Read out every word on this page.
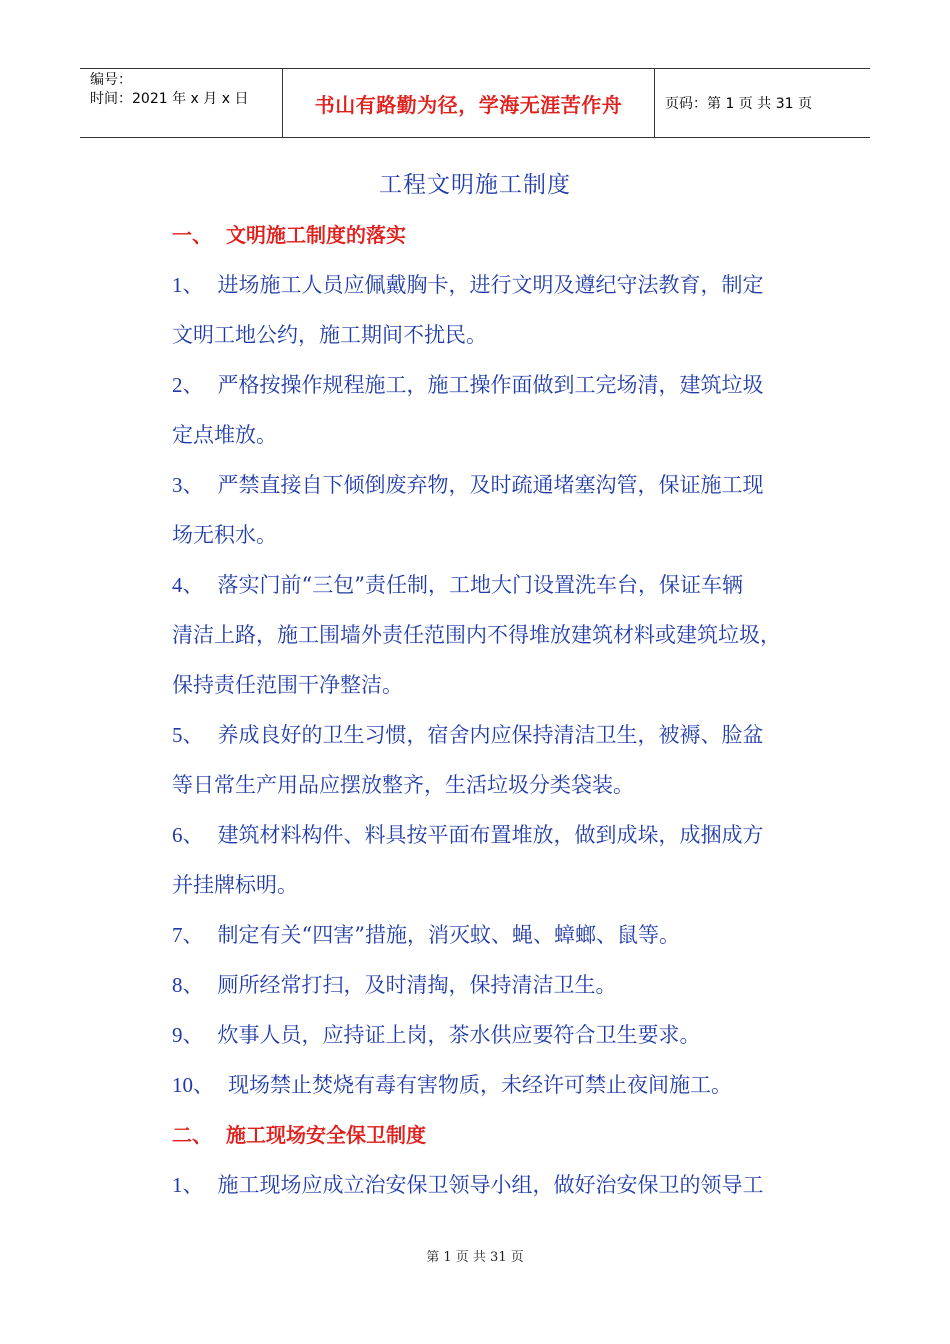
编号：
时间：2021 年 x 月 x 日	书山有路勤为径，学海无涯苦作舟	页码：第 1 页 共 31 页
工程文明施工制度
一、 文明施工制度的落实
1、 进场施工人员应佩戴胸卡，进行文明及遵纪守法教育，制定
文明工地公约，施工期间不扰民。
2、 严格按操作规程施工，施工操作面做到工完场清，建筑垃圾
定点堆放。
3、 严禁直接自下倾倒废弃物，及时疏通堵塞沟管，保证施工现
场无积水。
4、 落实门前“三包”责任制，工地大门设置洗车台，保证车辆
清洁上路，施工围墙外责任范围内不得堆放建筑材料或建筑垃圾，
保持责任范围干净整洁。
5、 养成良好的卫生习惯，宿舍内应保持清洁卫生，被褥、脸盆
等日常生产用品应摆放整齐，生活垃圾分类袋装。
6、 建筑材料构件、料具按平面布置堆放，做到成垛，成捆成方
并挂牌标明。
7、 制定有关“四害”措施，消灭蚊、蝇、蟑螂、鼠等。
8、 厕所经常打扫，及时清掏，保持清洁卫生。
9、 炊事人员，应持证上岗，茶水供应要符合卫生要求。
10、 现场禁止焚烧有毒有害物质，未经许可禁止夜间施工。
二、 施工现场安全保卫制度
1、 施工现场应成立治安保卫领导小组，做好治安保卫的领导工
第 1 页 共 31 页
